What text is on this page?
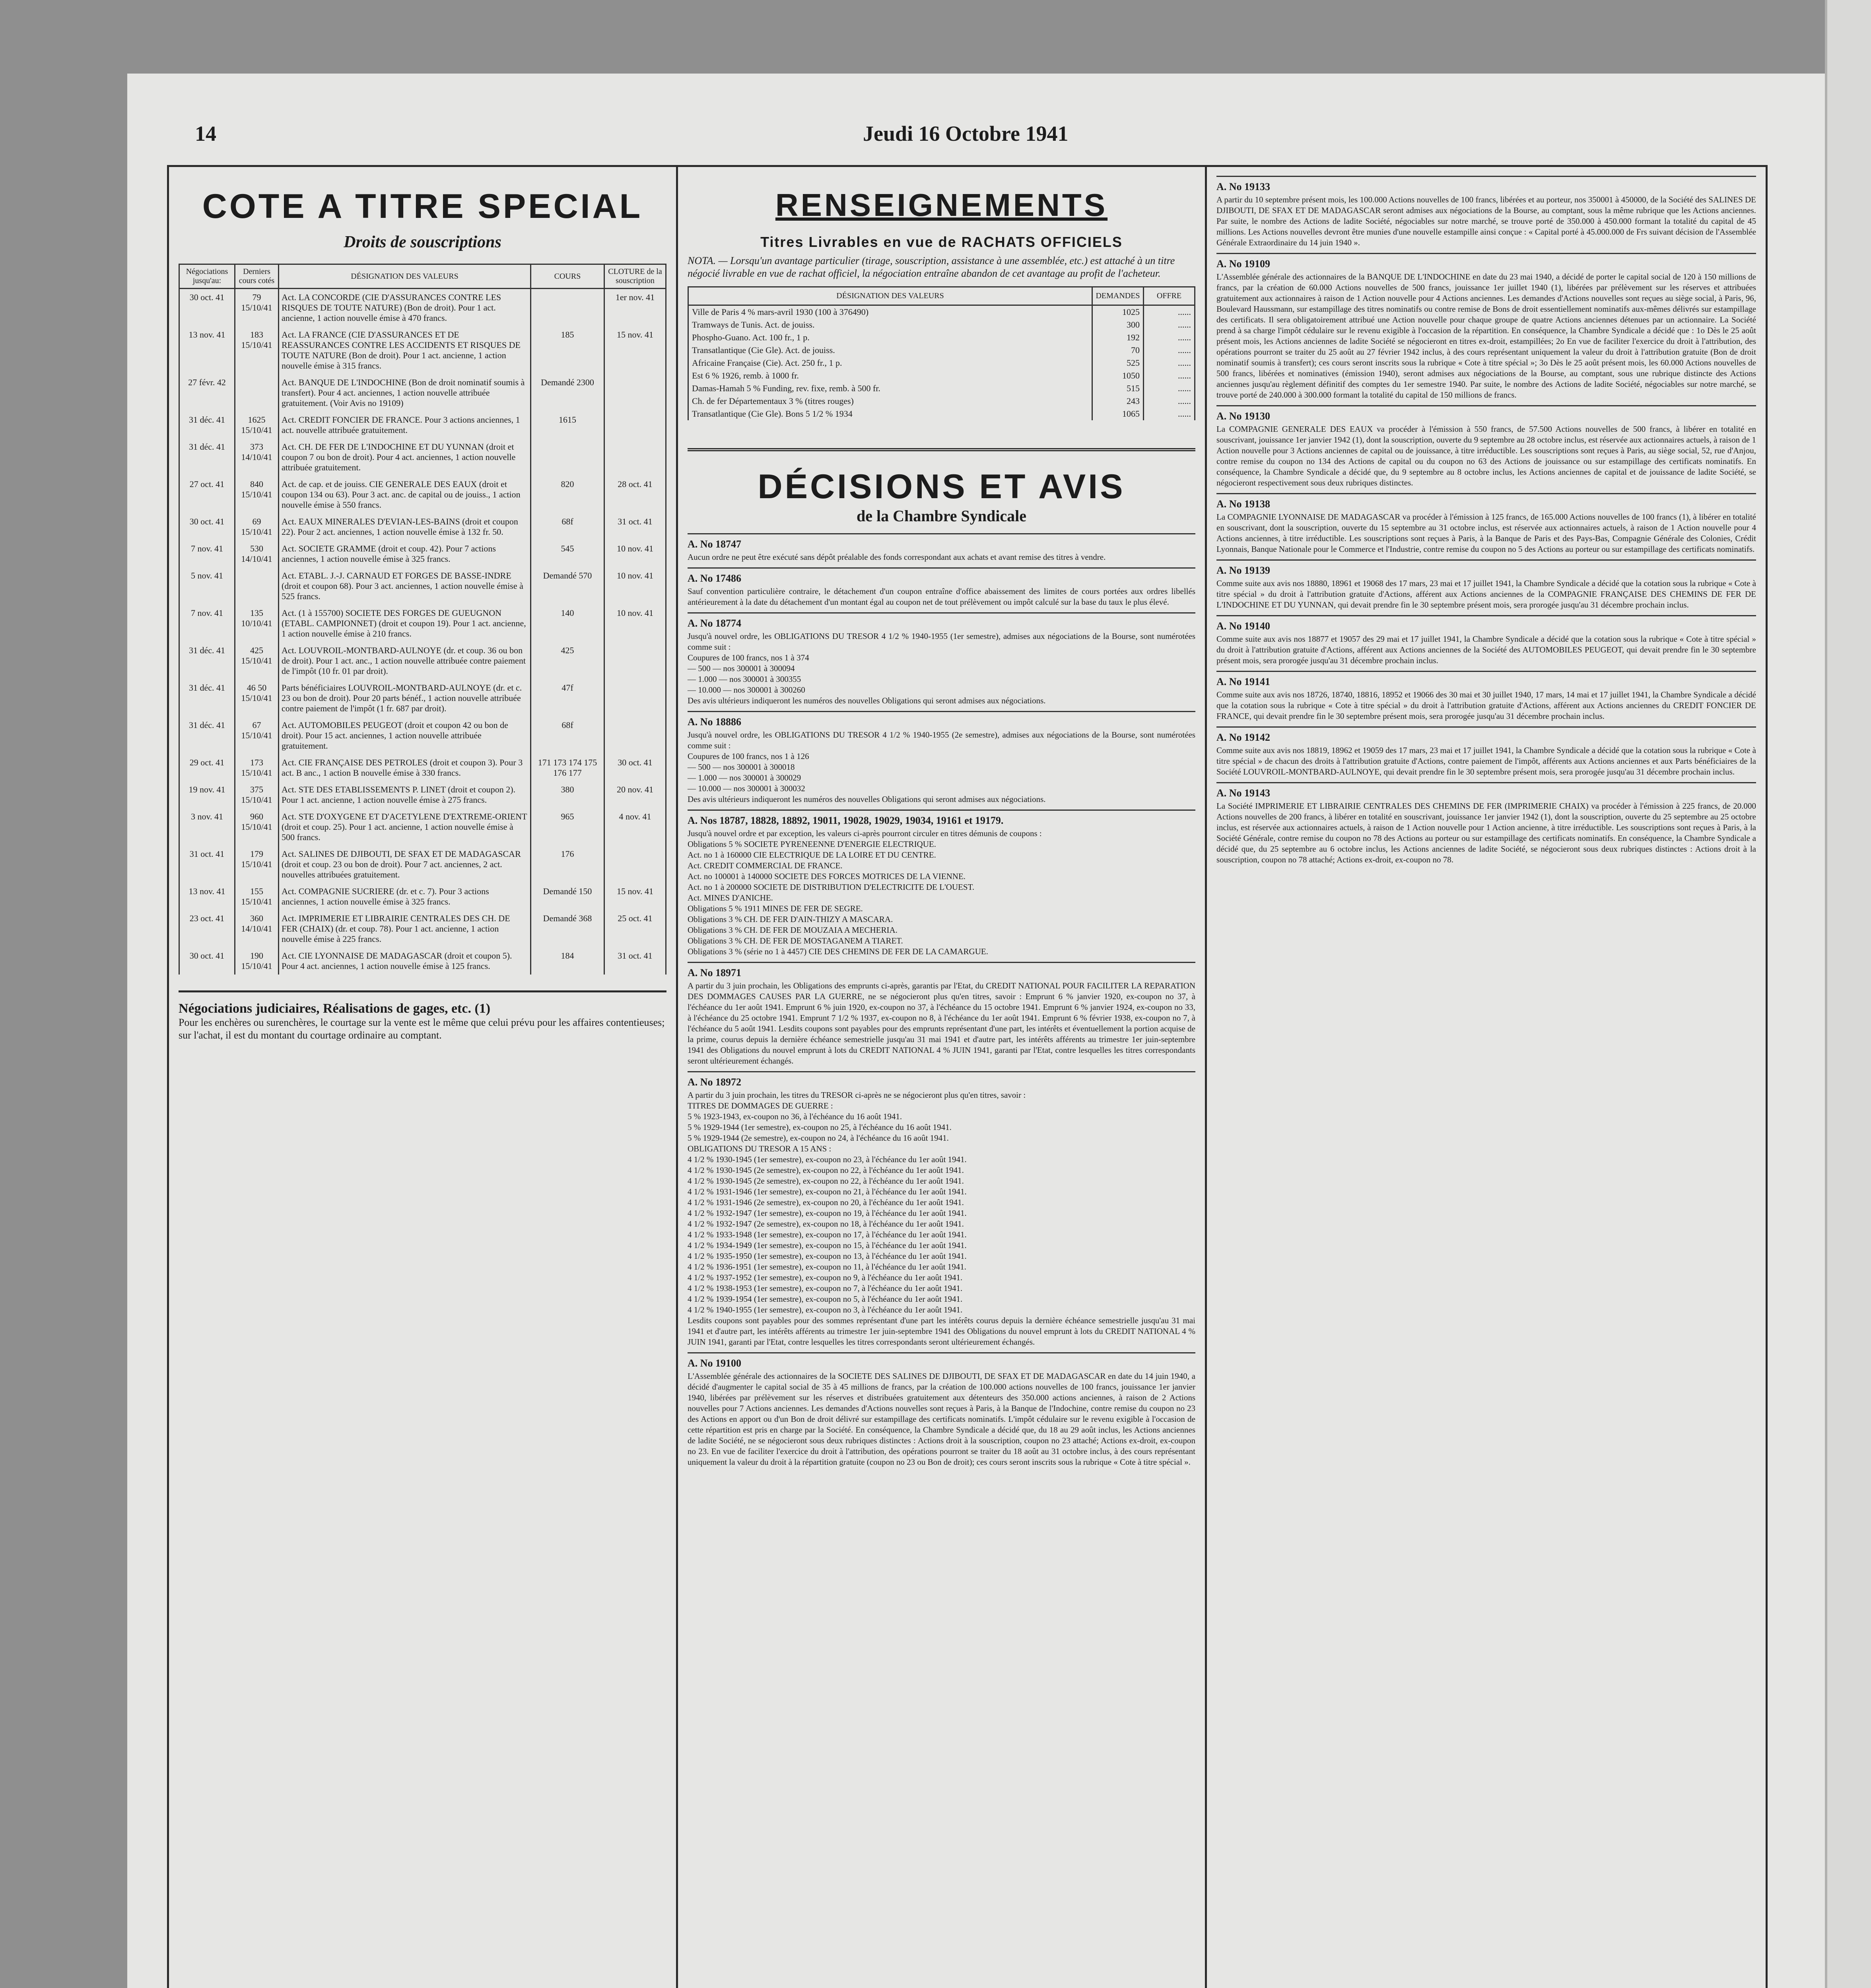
14	Jeudi 16 Octobre 1941
COTE A TITRE SPECIAL
Droits de souscriptions
Négociations jusqu'au:	Derniers cours cotés	DÉSIGNATION DES VALEURS	COURS	CLOTURE de la souscription
30 oct. 41	79 15/10/41	Act. LA CONCORDE (CIE D'ASSURANCES CONTRE LES RISQUES DE TOUTE NATURE) (Bon de droit). Pour 1 act. ancienne, 1 action nouvelle émise à 470 francs.		1er nov. 41
13 nov. 41	183 15/10/41	Act. LA FRANCE (CIE D'ASSURANCES ET DE REASSURANCES CONTRE LES ACCIDENTS ET RISQUES DE TOUTE NATURE (Bon de droit). Pour 1 act. ancienne, 1 action nouvelle émise à 315 francs.	185	15 nov. 41
27 févr. 42		Act. BANQUE DE L'INDOCHINE (Bon de droit nominatif soumis à transfert). Pour 4 act. anciennes, 1 action nouvelle attribuée gratuitement. (Voir Avis no 19109)	Demandé 2300	
31 déc. 41	1625 15/10/41	Act. CREDIT FONCIER DE FRANCE. Pour 3 actions anciennes, 1 act. nouvelle attribuée gratuitement.	1615	
31 déc. 41	373 14/10/41	Act. CH. DE FER DE L'INDOCHINE ET DU YUNNAN (droit et coupon 7 ou bon de droit). Pour 4 act. anciennes, 1 action nouvelle attribuée gratuitement.		
27 oct. 41	840 15/10/41	Act. de cap. et de jouiss. CIE GENERALE DES EAUX (droit et coupon 134 ou 63). Pour 3 act. anc. de capital ou de jouiss., 1 action nouvelle émise à 550 francs.	820	28 oct. 41
30 oct. 41	69 15/10/41	Act. EAUX MINERALES D'EVIAN-LES-BAINS (droit et coupon 22). Pour 2 act. anciennes, 1 action nouvelle émise à 132 fr. 50.	68f	31 oct. 41
7 nov. 41	530 14/10/41	Act. SOCIETE GRAMME (droit et coup. 42). Pour 7 actions anciennes, 1 action nouvelle émise à 325 francs.	545	10 nov. 41
5 nov. 41		Act. ETABL. J.-J. CARNAUD ET FORGES DE BASSE-INDRE (droit et coupon 68). Pour 3 act. anciennes, 1 action nouvelle émise à 525 francs.	Demandé 570	10 nov. 41
7 nov. 41	135 10/10/41	Act. (1 à 155700) SOCIETE DES FORGES DE GUEUGNON (ETABL. CAMPIONNET) (droit et coupon 19). Pour 1 act. ancienne, 1 action nouvelle émise à 210 francs.	140	10 nov. 41
31 déc. 41	425 15/10/41	Act. LOUVROIL-MONTBARD-AULNOYE (dr. et coup. 36 ou bon de droit). Pour 1 act. anc., 1 action nouvelle attribuée contre paiement de l'impôt (10 fr. 01 par droit).	425	
31 déc. 41	46 50 15/10/41	Parts bénéficiaires LOUVROIL-MONTBARD-AULNOYE (dr. et c. 23 ou bon de droit). Pour 20 parts bénéf., 1 action nouvelle attribuée contre paiement de l'impôt (1 fr. 687 par droit).	47f	
31 déc. 41	67 15/10/41	Act. AUTOMOBILES PEUGEOT (droit et coupon 42 ou bon de droit). Pour 15 act. anciennes, 1 action nouvelle attribuée gratuitement.	68f	
29 oct. 41	173 15/10/41	Act. CIE FRANÇAISE DES PETROLES (droit et coupon 3). Pour 3 act. B anc., 1 action B nouvelle émise à 330 francs.	171 173 174 175 176 177	30 oct. 41
19 nov. 41	375 15/10/41	Act. STE DES ETABLISSEMENTS P. LINET (droit et coupon 2). Pour 1 act. ancienne, 1 action nouvelle émise à 275 francs.	380	20 nov. 41
3 nov. 41	960 15/10/41	Act. STE D'OXYGENE ET D'ACETYLENE D'EXTREME-ORIENT (droit et coup. 25). Pour 1 act. ancienne, 1 action nouvelle émise à 500 francs.	965	4 nov. 41
31 oct. 41	179 15/10/41	Act. SALINES DE DJIBOUTI, DE SFAX ET DE MADAGASCAR (droit et coup. 23 ou bon de droit). Pour 7 act. anciennes, 2 act. nouvelles attribuées gratuitement.	176	
13 nov. 41	155 15/10/41	Act. COMPAGNIE SUCRIERE (dr. et c. 7). Pour 3 actions anciennes, 1 action nouvelle émise à 325 francs.	Demandé 150	15 nov. 41
23 oct. 41	360 14/10/41	Act. IMPRIMERIE ET LIBRAIRIE CENTRALES DES CH. DE FER (CHAIX) (dr. et coup. 78). Pour 1 act. ancienne, 1 action nouvelle émise à 225 francs.	Demandé 368	25 oct. 41
30 oct. 41	190 15/10/41	Act. CIE LYONNAISE DE MADAGASCAR (droit et coupon 5). Pour 4 act. anciennes, 1 action nouvelle émise à 125 francs.	184	31 oct. 41
Négociations judiciaires, Réalisations de gages, etc. (1)
Pour les enchères ou surenchères, le courtage sur la vente est le même que celui prévu pour les affaires contentieuses; sur l'achat, il est du montant du courtage ordinaire au comptant.
RENSEIGNEMENTS
Titres Livrables en vue de RACHATS OFFICIELS
NOTA. — Lorsqu'un avantage particulier (tirage, souscription, assistance à une assemblée, etc.) est attaché à un titre négocié livrable en vue de rachat officiel, la négociation entraîne abandon de cet avantage au profit de l'acheteur.
DÉSIGNATION DES VALEURS	DEMANDES	OFFRE
Ville de Paris 4 % mars-avril 1930 (100 à 376490)	1025	......
Tramways de Tunis. Act. de jouiss.	300	......
Phospho-Guano. Act. 100 fr., 1 p.	192	......
Transatlantique (Cie Gle). Act. de jouiss.	70	......
Africaine Française (Cie). Act. 250 fr., 1 p.	525	......
Est 6 % 1926, remb. à 1000 fr.	1050	......
Damas-Hamah 5 % Funding, rev. fixe, remb. à 500 fr.	515	......
Ch. de fer Départementaux 3 % (titres rouges)	243	......
Transatlantique (Cie Gle). Bons 5 1/2 % 1934	1065	......
DÉCISIONS ET AVIS
de la Chambre Syndicale
A. No 18747
Aucun ordre ne peut être exécuté sans dépôt préalable des fonds correspondant aux achats et avant remise des titres à vendre.
A. No 17486
Sauf convention particulière contraire, le détachement d'un coupon entraîne d'office abaissement des limites de cours portées aux ordres libellés antérieurement à la date du détachement d'un montant égal au coupon net de tout prélèvement ou impôt calculé sur la base du taux le plus élevé.
A. No 18774
Jusqu'à nouvel ordre, les OBLIGATIONS DU TRESOR 4 1/2 % 1940-1955 (1er semestre), admises aux négociations de la Bourse, sont numérotées comme suit :
Coupures de 100 francs, nos 1 à 374
— 500 — nos 300001 à 300094
— 1.000 — nos 300001 à 300355
— 10.000 — nos 300001 à 300260
Des avis ultérieurs indiqueront les numéros des nouvelles Obligations qui seront admises aux négociations.
A. No 18886
Jusqu'à nouvel ordre, les OBLIGATIONS DU TRESOR 4 1/2 % 1940-1955 (2e semestre), admises aux négociations de la Bourse, sont numérotées comme suit :
Coupures de 100 francs, nos 1 à 126
— 500 — nos 300001 à 300018
— 1.000 — nos 300001 à 300029
— 10.000 — nos 300001 à 300032
Des avis ultérieurs indiqueront les numéros des nouvelles Obligations qui seront admises aux négociations.
A. Nos 18787, 18828, 18892, 19011, 19028, 19029, 19034, 19161 et 19179.
Jusqu'à nouvel ordre et par exception, les valeurs ci-après pourront circuler en titres démunis de coupons :
Obligations 5 % SOCIETE PYRENEENNE D'ENERGIE ELECTRIQUE.
Act. no 1 à 160000 CIE ELECTRIQUE DE LA LOIRE ET DU CENTRE.
Act. CREDIT COMMERCIAL DE FRANCE.
Act. no 100001 à 140000 SOCIETE DES FORCES MOTRICES DE LA VIENNE.
Act. no 1 à 200000 SOCIETE DE DISTRIBUTION D'ELECTRICITE DE L'OUEST.
Act. MINES D'ANICHE.
Obligations 5 % 1911 MINES DE FER DE SEGRE.
Obligations 3 % CH. DE FER D'AIN-THIZY A MASCARA.
Obligations 3 % CH. DE FER DE MOUZAIA A MECHERIA.
Obligations 3 % CH. DE FER DE MOSTAGANEM A TIARET.
Obligations 3 % (série no 1 à 4457) CIE DES CHEMINS DE FER DE LA CAMARGUE.
A. No 18971
A partir du 3 juin prochain, les Obligations des emprunts ci-après, garantis par l'Etat, du CREDIT NATIONAL POUR FACILITER LA REPARATION DES DOMMAGES CAUSES PAR LA GUERRE, ne se négocieront plus qu'en titres, savoir : Emprunt 6 % janvier 1920, ex-coupon no 37, à l'échéance du 1er août 1941. Emprunt 6 % juin 1920, ex-coupon no 37, à l'échéance du 15 octobre 1941. Emprunt 6 % janvier 1924, ex-coupon no 33, à l'échéance du 25 octobre 1941. Emprunt 7 1/2 % 1937, ex-coupon no 8, à l'échéance du 1er août 1941. Emprunt 6 % février 1938, ex-coupon no 7, à l'échéance du 5 août 1941. Lesdits coupons sont payables pour des emprunts représentant d'une part, les intérêts et éventuellement la portion acquise de la prime, courus depuis la dernière échéance semestrielle jusqu'au 31 mai 1941 et d'autre part, les intérêts afférents au trimestre 1er juin-septembre 1941 des Obligations du nouvel emprunt à lots du CREDIT NATIONAL 4 % JUIN 1941, garanti par l'Etat, contre lesquelles les titres correspondants seront ultérieurement échangés.
A. No 18972
A partir du 3 juin prochain, les titres du TRESOR ci-après ne se négocieront plus qu'en titres, savoir :
TITRES DE DOMMAGES DE GUERRE :
5 % 1923-1943, ex-coupon no 36, à l'échéance du 16 août 1941.
5 % 1929-1944 (1er semestre), ex-coupon no 25, à l'échéance du 16 août 1941.
5 % 1929-1944 (2e semestre), ex-coupon no 24, à l'échéance du 16 août 1941.
OBLIGATIONS DU TRESOR A 15 ANS :
4 1/2 % 1930-1945 (1er semestre), ex-coupon no 23, à l'échéance du 1er août 1941.
4 1/2 % 1930-1945 (2e semestre), ex-coupon no 22, à l'échéance du 1er août 1941.
4 1/2 % 1930-1945 (2e semestre), ex-coupon no 22, à l'échéance du 1er août 1941.
4 1/2 % 1931-1946 (1er semestre), ex-coupon no 21, à l'échéance du 1er août 1941.
4 1/2 % 1931-1946 (2e semestre), ex-coupon no 20, à l'échéance du 1er août 1941.
4 1/2 % 1932-1947 (1er semestre), ex-coupon no 19, à l'échéance du 1er août 1941.
4 1/2 % 1932-1947 (2e semestre), ex-coupon no 18, à l'échéance du 1er août 1941.
4 1/2 % 1933-1948 (1er semestre), ex-coupon no 17, à l'échéance du 1er août 1941.
4 1/2 % 1934-1949 (1er semestre), ex-coupon no 15, à l'échéance du 1er août 1941.
4 1/2 % 1935-1950 (1er semestre), ex-coupon no 13, à l'échéance du 1er août 1941.
4 1/2 % 1936-1951 (1er semestre), ex-coupon no 11, à l'échéance du 1er août 1941.
4 1/2 % 1937-1952 (1er semestre), ex-coupon no 9, à l'échéance du 1er août 1941.
4 1/2 % 1938-1953 (1er semestre), ex-coupon no 7, à l'échéance du 1er août 1941.
4 1/2 % 1939-1954 (1er semestre), ex-coupon no 5, à l'échéance du 1er août 1941.
4 1/2 % 1940-1955 (1er semestre), ex-coupon no 3, à l'échéance du 1er août 1941.
Lesdits coupons sont payables pour des sommes représentant d'une part les intérêts courus depuis la dernière échéance semestrielle jusqu'au 31 mai 1941 et d'autre part, les intérêts afférents au trimestre 1er juin-septembre 1941 des Obligations du nouvel emprunt à lots du CREDIT NATIONAL 4 % JUIN 1941, garanti par l'Etat, contre lesquelles les titres correspondants seront ultérieurement échangés.
A. No 19100
L'Assemblée générale des actionnaires de la SOCIETE DES SALINES DE DJIBOUTI, DE SFAX ET DE MADAGASCAR en date du 14 juin 1940, a décidé d'augmenter le capital social de 35 à 45 millions de francs, par la création de 100.000 actions nouvelles de 100 francs, jouissance 1er janvier 1940, libérées par prélèvement sur les réserves et distribuées gratuitement aux détenteurs des 350.000 actions anciennes, à raison de 2 Actions nouvelles pour 7 Actions anciennes. Les demandes d'Actions nouvelles sont reçues à Paris, à la Banque de l'Indochine, contre remise du coupon no 23 des Actions en apport ou d'un Bon de droit délivré sur estampillage des certificats nominatifs. L'impôt cédulaire sur le revenu exigible à l'occasion de cette répartition est pris en charge par la Société. En conséquence, la Chambre Syndicale a décidé que, du 18 au 29 août inclus, les Actions anciennes de ladite Société, ne se négocieront sous deux rubriques distinctes : Actions droit à la souscription, coupon no 23 attaché; Actions ex-droit, ex-coupon no 23. En vue de faciliter l'exercice du droit à l'attribution, des opérations pourront se traiter du 18 août au 31 octobre inclus, à des cours représentant uniquement la valeur du droit à la répartition gratuite (coupon no 23 ou Bon de droit); ces cours seront inscrits sous la rubrique « Cote à titre spécial ».
A. No 19133
A partir du 10 septembre présent mois, les 100.000 Actions nouvelles de 100 francs, libérées et au porteur, nos 350001 à 450000, de la Société des SALINES DE DJIBOUTI, DE SFAX ET DE MADAGASCAR seront admises aux négociations de la Bourse, au comptant, sous la même rubrique que les Actions anciennes. Par suite, le nombre des Actions de ladite Société, négociables sur notre marché, se trouve porté de 350.000 à 450.000 formant la totalité du capital de 45 millions. Les Actions nouvelles devront être munies d'une nouvelle estampille ainsi conçue : « Capital porté à 45.000.000 de Frs suivant décision de l'Assemblée Générale Extraordinaire du 14 juin 1940 ».
A. No 19109
L'Assemblée générale des actionnaires de la BANQUE DE L'INDOCHINE en date du 23 mai 1940, a décidé de porter le capital social de 120 à 150 millions de francs, par la création de 60.000 Actions nouvelles de 500 francs, jouissance 1er juillet 1940 (1), libérées par prélèvement sur les réserves et attribuées gratuitement aux actionnaires à raison de 1 Action nouvelle pour 4 Actions anciennes. Les demandes d'Actions nouvelles sont reçues au siège social, à Paris, 96, Boulevard Haussmann, sur estampillage des titres nominatifs ou contre remise de Bons de droit essentiellement nominatifs aux-mêmes délivrés sur estampillage des certificats. Il sera obligatoirement attribué une Action nouvelle pour chaque groupe de quatre Actions anciennes détenues par un actionnaire. La Société prend à sa charge l'impôt cédulaire sur le revenu exigible à l'occasion de la répartition. En conséquence, la Chambre Syndicale a décidé que : 1o Dès le 25 août présent mois, les Actions anciennes de ladite Société se négocieront en titres ex-droit, estampillées; 2o En vue de faciliter l'exercice du droit à l'attribution, des opérations pourront se traiter du 25 août au 27 février 1942 inclus, à des cours représentant uniquement la valeur du droit à l'attribution gratuite (Bon de droit nominatif soumis à transfert); ces cours seront inscrits sous la rubrique « Cote à titre spécial »; 3o Dès le 25 août présent mois, les 60.000 Actions nouvelles de 500 francs, libérées et nominatives (émission 1940), seront admises aux négociations de la Bourse, au comptant, sous une rubrique distincte des Actions anciennes jusqu'au règlement définitif des comptes du 1er semestre 1940. Par suite, le nombre des Actions de ladite Société, négociables sur notre marché, se trouve porté de 240.000 à 300.000 formant la totalité du capital de 150 millions de francs.
A. No 19130
La COMPAGNIE GENERALE DES EAUX va procéder à l'émission à 550 francs, de 57.500 Actions nouvelles de 500 francs, à libérer en totalité en souscrivant, jouissance 1er janvier 1942 (1), dont la souscription, ouverte du 9 septembre au 28 octobre inclus, est réservée aux actionnaires actuels, à raison de 1 Action nouvelle pour 3 Actions anciennes de capital ou de jouissance, à titre irréductible. Les souscriptions sont reçues à Paris, au siège social, 52, rue d'Anjou, contre remise du coupon no 134 des Actions de capital ou du coupon no 63 des Actions de jouissance ou sur estampillage des certificats nominatifs. En conséquence, la Chambre Syndicale a décidé que, du 9 septembre au 8 octobre inclus, les Actions anciennes de capital et de jouissance de ladite Société, se négocieront respectivement sous deux rubriques distinctes.
A. No 19138
La COMPAGNIE LYONNAISE DE MADAGASCAR va procéder à l'émission à 125 francs, de 165.000 Actions nouvelles de 100 francs (1), à libérer en totalité en souscrivant, dont la souscription, ouverte du 15 septembre au 31 octobre inclus, est réservée aux actionnaires actuels, à raison de 1 Action nouvelle pour 4 Actions anciennes, à titre irréductible. Les souscriptions sont reçues à Paris, à la Banque de Paris et des Pays-Bas, Compagnie Générale des Colonies, Crédit Lyonnais, Banque Nationale pour le Commerce et l'Industrie, contre remise du coupon no 5 des Actions au porteur ou sur estampillage des certificats nominatifs.
A. No 19139
Comme suite aux avis nos 18880, 18961 et 19068 des 17 mars, 23 mai et 17 juillet 1941, la Chambre Syndicale a décidé que la cotation sous la rubrique « Cote à titre spécial » du droit à l'attribution gratuite d'Actions, afférent aux Actions anciennes de la COMPAGNIE FRANÇAISE DES CHEMINS DE FER DE L'INDOCHINE ET DU YUNNAN, qui devait prendre fin le 30 septembre présent mois, sera prorogée jusqu'au 31 décembre prochain inclus.
A. No 19140
Comme suite aux avis nos 18877 et 19057 des 29 mai et 17 juillet 1941, la Chambre Syndicale a décidé que la cotation sous la rubrique « Cote à titre spécial » du droit à l'attribution gratuite d'Actions, afférent aux Actions anciennes de la Société des AUTOMOBILES PEUGEOT, qui devait prendre fin le 30 septembre présent mois, sera prorogée jusqu'au 31 décembre prochain inclus.
A. No 19141
Comme suite aux avis nos 18726, 18740, 18816, 18952 et 19066 des 30 mai et 30 juillet 1940, 17 mars, 14 mai et 17 juillet 1941, la Chambre Syndicale a décidé que la cotation sous la rubrique « Cote à titre spécial » du droit à l'attribution gratuite d'Actions, afférent aux Actions anciennes du CREDIT FONCIER DE FRANCE, qui devait prendre fin le 30 septembre présent mois, sera prorogée jusqu'au 31 décembre prochain inclus.
A. No 19142
Comme suite aux avis nos 18819, 18962 et 19059 des 17 mars, 23 mai et 17 juillet 1941, la Chambre Syndicale a décidé que la cotation sous la rubrique « Cote à titre spécial » de chacun des droits à l'attribution gratuite d'Actions, contre paiement de l'impôt, afférents aux Actions anciennes et aux Parts bénéficiaires de la Société LOUVROIL-MONTBARD-AULNOYE, qui devait prendre fin le 30 septembre présent mois, sera prorogée jusqu'au 31 décembre prochain inclus.
A. No 19143
La Société IMPRIMERIE ET LIBRAIRIE CENTRALES DES CHEMINS DE FER (IMPRIMERIE CHAIX) va procéder à l'émission à 225 francs, de 20.000 Actions nouvelles de 200 francs, à libérer en totalité en souscrivant, jouissance 1er janvier 1942 (1), dont la souscription, ouverte du 25 septembre au 25 octobre inclus, est réservée aux actionnaires actuels, à raison de 1 Action nouvelle pour 1 Action ancienne, à titre irréductible. Les souscriptions sont reçues à Paris, à la Société Générale, contre remise du coupon no 78 des Actions au porteur ou sur estampillage des certificats nominatifs. En conséquence, la Chambre Syndicale a décidé que, du 25 septembre au 6 octobre inclus, les Actions anciennes de ladite Société, se négocieront sous deux rubriques distinctes : Actions droit à la souscription, coupon no 78 attaché; Actions ex-droit, ex-coupon no 78.
